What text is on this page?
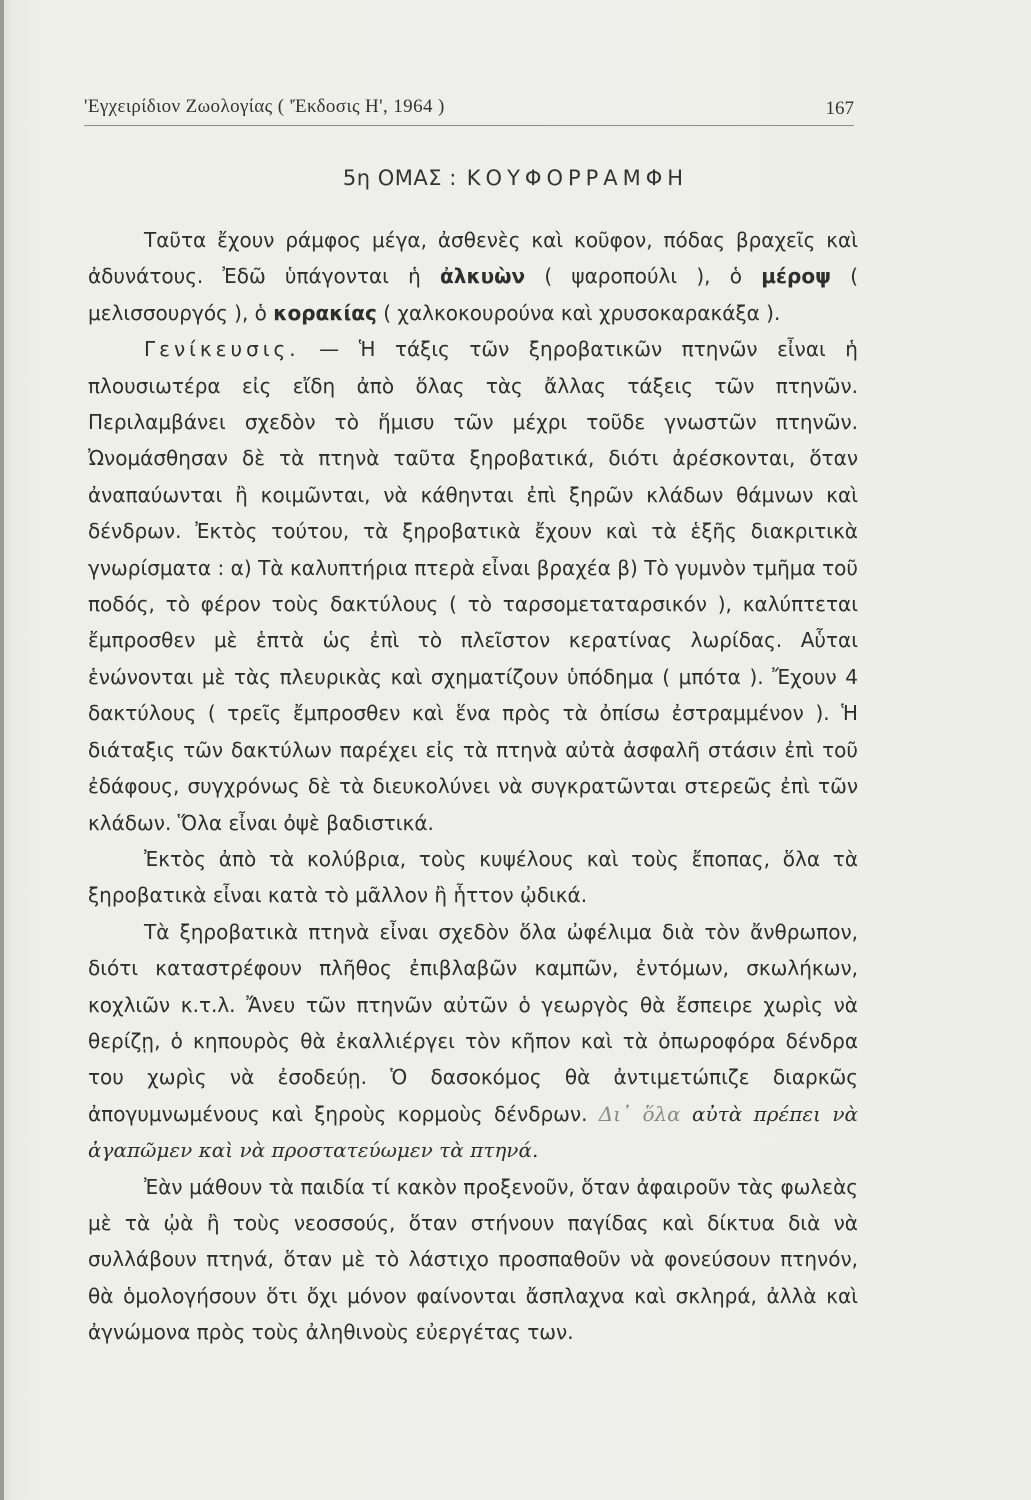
'Εγχειρίδιον Ζωολογίας ( 'Έκδοσις Η', 1964 )	167
5η ΟΜΑΣ : ΚΟΥΦΟΡΡΑΜΦΗ

Ταῦτα ἔχουν ράμφος μέγα, ἀσθενὲς καὶ κοῦφον, πόδας βραχεῖς καὶ ἀδυνάτους. Ἐδῶ ὑπάγονται ἡ ἀλκυὼν ( ψαροπούλι ), ὁ μέροψ ( μελισσουργός ), ὁ κορακίας ( χαλκοκουρούνα καὶ χρυσοκαρακάξα ).

Γενίκευσις. — Ἡ τάξις τῶν ξηροβατικῶν πτηνῶν εἶναι ἡ πλουσιωτέρα εἰς εἴδη ἀπὸ ὅλας τὰς ἄλλας τάξεις τῶν πτηνῶν. Περιλαμβάνει σχεδὸν τὸ ἥμισυ τῶν μέχρι τοῦδε γνωστῶν πτηνῶν. Ὠνομάσθησαν δὲ τὰ πτηνὰ ταῦτα ξηροβατικά, διότι ἀρέσκονται, ὅταν ἀναπαύωνται ἢ κοιμῶνται, νὰ κάθηνται ἐπὶ ξηρῶν κλάδων θάμνων καὶ δένδρων. Ἐκτὸς τούτου, τὰ ξηροβατικὰ ἔχουν καὶ τὰ ἑξῆς διακριτικὰ γνωρίσματα : α) Τὰ καλυπτήρια πτερὰ εἶναι βραχέα β) Τὸ γυμνὸν τμῆμα τοῦ ποδός, τὸ φέρον τοὺς δακτύλους ( τὸ ταρσομεταταρσικόν ), καλύπτεται ἔμπροσθεν μὲ ἑπτὰ ὡς ἐπὶ τὸ πλεῖστον κερατίνας λωρίδας. Αὗται ἑνώνονται μὲ τὰς πλευρικὰς καὶ σχηματίζουν ὑπόδημα ( μπότα ). Ἔχουν 4 δακτύλους ( τρεῖς ἔμπροσθεν καὶ ἕνα πρὸς τὰ ὀπίσω ἐστραμμένον ). Ἡ διάταξις τῶν δακτύλων παρέχει εἰς τὰ πτηνὰ αὐτὰ ἀσφαλῆ στάσιν ἐπὶ τοῦ ἐδάφους, συγχρόνως δὲ τὰ διευκολύνει νὰ συγκρατῶνται στερεῶς ἐπὶ τῶν κλάδων. Ὅλα εἶναι ὀψὲ βαδιστικά.

Ἐκτὸς ἀπὸ τὰ κολύβρια, τοὺς κυψέλους καὶ τοὺς ἔποπας, ὅλα τὰ ξηροβατικὰ εἶναι κατὰ τὸ μᾶλλον ἢ ἧττον ᾠδικά.

Τὰ ξηροβατικὰ πτηνὰ εἶναι σχεδὸν ὅλα ὠφέλιμα διὰ τὸν ἄνθρωπον, διότι καταστρέφουν πλῆθος ἐπιβλαβῶν καμπῶν, ἐντόμων, σκωλήκων, κοχλιῶν κ.τ.λ. Ἄνευ τῶν πτηνῶν αὐτῶν ὁ γεωργὸς θὰ ἔσπειρε χωρὶς νὰ θερίζῃ, ὁ κηπουρὸς θὰ ἐκαλλιέργει τὸν κῆπον καὶ τὰ ὀπωροφόρα δένδρα του χωρὶς νὰ ἐσοδεύῃ. Ὁ δασοκόμος θὰ ἀντιμετώπιζε διαρκῶς ἀπογυμνωμένους καὶ ξηροὺς κορμοὺς δένδρων. Δι᾽ ὅλα αὐτὰ πρέπει νὰ ἀγαπῶμεν καὶ νὰ προστατεύωμεν τὰ πτηνά.

Ἐὰν μάθουν τὰ παιδία τί κακὸν προξενοῦν, ὅταν ἀφαιροῦν τὰς φωλεὰς μὲ τὰ ᾠὰ ἢ τοὺς νεοσσούς, ὅταν στήνουν παγίδας καὶ δίκτυα διὰ νὰ συλλάβουν πτηνά, ὅταν μὲ τὸ λάστιχο προσπαθοῦν νὰ φονεύσουν πτηνόν, θὰ ὁμολογήσουν ὅτι ὄχι μόνον φαίνονται ἄσπλαχνα καὶ σκληρά, ἀλλὰ καὶ ἀγνώμονα πρὸς τοὺς ἀληθινοὺς εὐεργέτας των.
